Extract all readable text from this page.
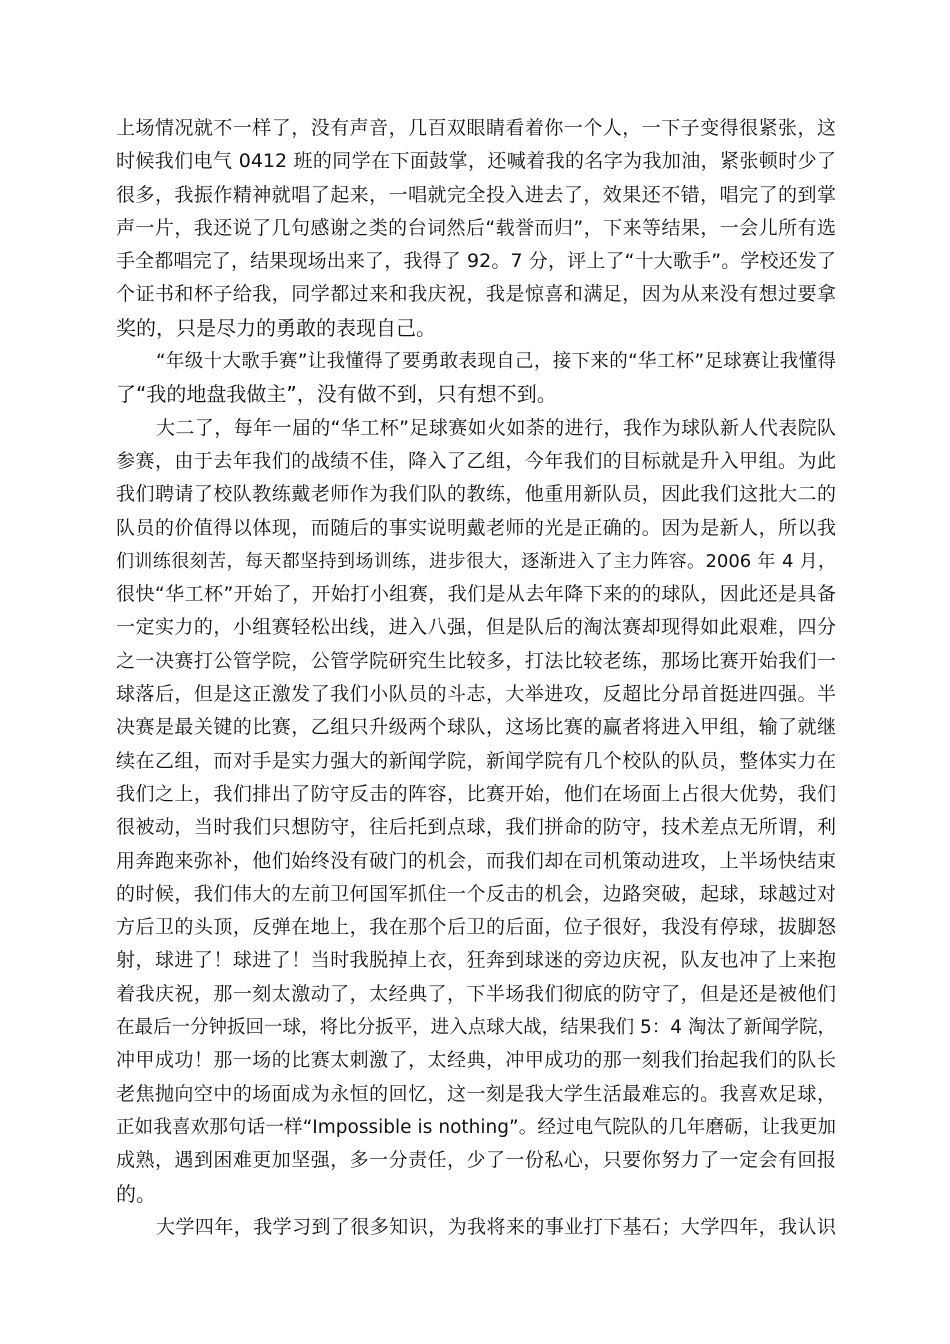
上场情况就不一样了，没有声音，几百双眼睛看着你一个人，一下子变得很紧张，这
时候我们电气 0412 班的同学在下面鼓掌，还喊着我的名字为我加油，紧张顿时少了
很多，我振作精神就唱了起来，一唱就完全投入进去了，效果还不错，唱完了的到掌
声一片，我还说了几句感谢之类的台词然后“载誉而归”，下来等结果，一会儿所有选
手全都唱完了，结果现场出来了，我得了 92。7 分，评上了“十大歌手”。学校还发了
个证书和杯子给我，同学都过来和我庆祝，我是惊喜和满足，因为从来没有想过要拿
奖的，只是尽力的勇敢的表现自己。
“年级十大歌手赛”让我懂得了要勇敢表现自己，接下来的“华工杯”足球赛让我懂得
了“我的地盘我做主”，没有做不到，只有想不到。
大二了，每年一届的“华工杯”足球赛如火如荼的进行，我作为球队新人代表院队
参赛，由于去年我们的战绩不佳，降入了乙组，今年我们的目标就是升入甲组。为此
我们聘请了校队教练戴老师作为我们队的教练，他重用新队员，因此我们这批大二的
队员的价值得以体现，而随后的事实说明戴老师的光是正确的。因为是新人，所以我
们训练很刻苦，每天都坚持到场训练，进步很大，逐渐进入了主力阵容。2006 年 4 月，
很快“华工杯”开始了，开始打小组赛，我们是从去年降下来的的球队，因此还是具备
一定实力的，小组赛轻松出线，进入八强，但是队后的淘汰赛却现得如此艰难，四分
之一决赛打公管学院，公管学院研究生比较多，打法比较老练，那场比赛开始我们一
球落后，但是这正激发了我们小队员的斗志，大举进攻，反超比分昂首挺进四强。半
决赛是最关键的比赛，乙组只升级两个球队，这场比赛的赢者将进入甲组，输了就继
续在乙组，而对手是实力强大的新闻学院，新闻学院有几个校队的队员，整体实力在
我们之上，我们排出了防守反击的阵容，比赛开始，他们在场面上占很大优势，我们
很被动，当时我们只想防守，往后托到点球，我们拼命的防守，技术差点无所谓，利
用奔跑来弥补，他们始终没有破门的机会，而我们却在司机策动进攻，上半场快结束
的时候，我们伟大的左前卫何国军抓住一个反击的机会，边路突破，起球，球越过对
方后卫的头顶，反弹在地上，我在那个后卫的后面，位子很好，我没有停球，拔脚怒
射，球进了！球进了！当时我脱掉上衣，狂奔到球迷的旁边庆祝，队友也冲了上来抱
着我庆祝，那一刻太激动了，太经典了，下半场我们彻底的防守了，但是还是被他们
在最后一分钟扳回一球，将比分扳平，进入点球大战，结果我们 5：4 淘汰了新闻学院，
冲甲成功！那一场的比赛太刺激了，太经典，冲甲成功的那一刻我们抬起我们的队长
老焦抛向空中的场面成为永恒的回忆，这一刻是我大学生活最难忘的。我喜欢足球，
正如我喜欢那句话一样“Impossible is nothing”。经过电气院队的几年磨砺，让我更加
成熟，遇到困难更加坚强，多一分责任，少了一份私心，只要你努力了一定会有回报
的。
大学四年，我学习到了很多知识，为我将来的事业打下基石；大学四年，我认识
